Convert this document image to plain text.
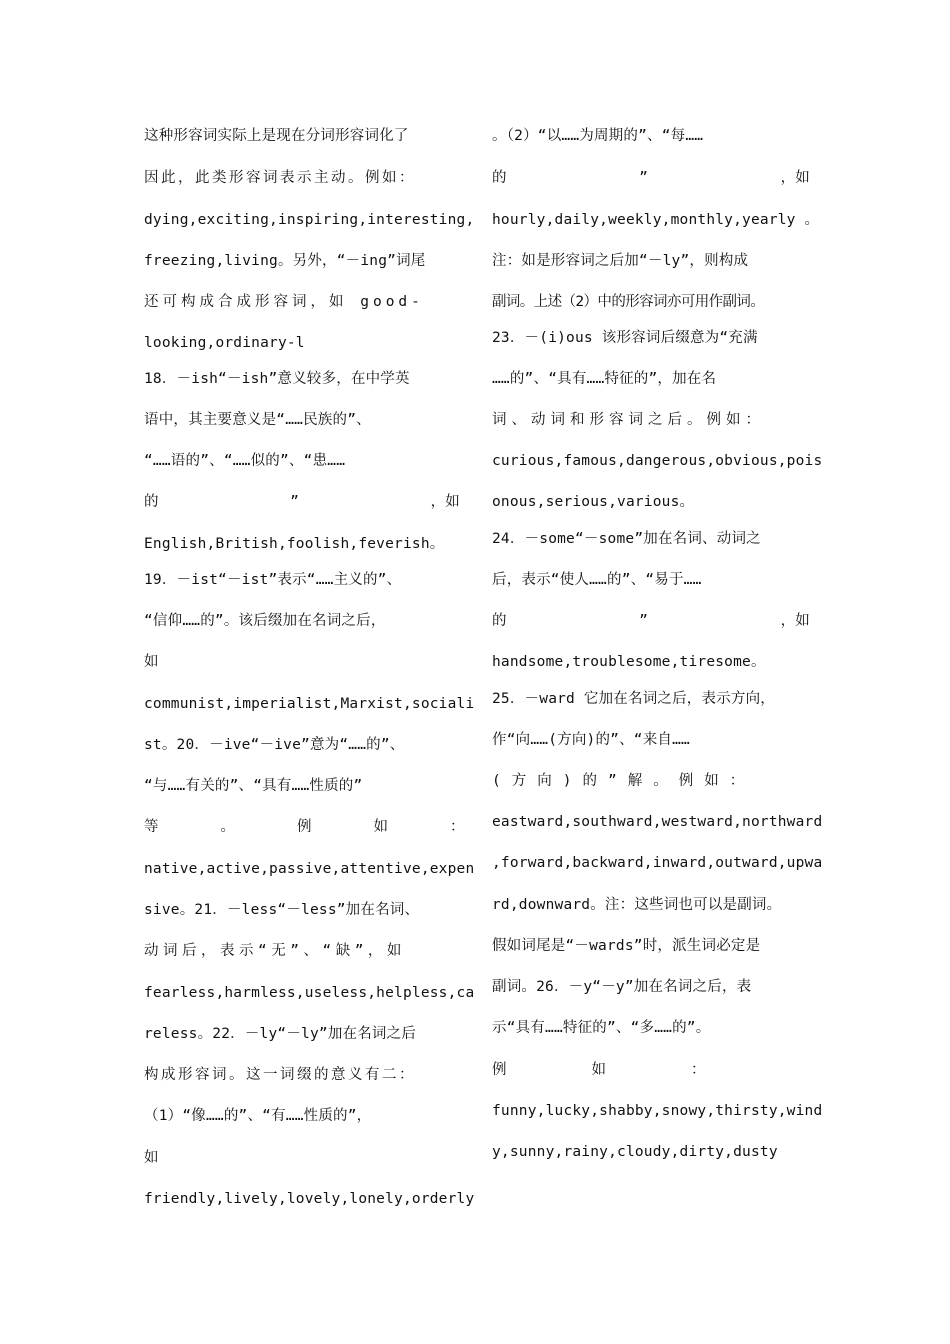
这种形容词实际上是现在分词形容词化了
因此，此类形容词表示主动。例如：
dying,exciting,inspiring,interesting,
freezing,living。另外，“－ing”词尾
还可构成合成形容词，如 good-
looking,ordinary-l
18．－ish“－ish”意义较多，在中学英
语中，其主要意义是“……民族的”、
“……语的”、“……似的”、“患……
的	”	，如
English,British,foolish,feverish。
19．－ist“－ist”表示“……主义的”、
“信仰……的”。该后缀加在名词之后，
如
communist,imperialist,Marxist,sociali
st。20．－ive“－ive”意为“……的”、
“与……有关的”、“具有……性质的”
等。例如：
native,active,passive,attentive,expen
sive。21．－less“－less”加在名词、
动词后，表示“无”、“缺”，如
fearless,harmless,useless,helpless,ca
reless。22．－ly“－ly”加在名词之后
构成形容词。这一词缀的意义有二：
（1）“像……的”、“有……性质的”，
如
friendly,lively,lovely,lonely,orderly
。（2）“以……为周期的”、“每……
的	”	，如
hourly,daily,weekly,monthly,yearly 。
注：如是形容词之后加“－ly”，则构成
副词。上述（2）中的形容词亦可用作副词。
23．－(i)ous 该形容词后缀意为“充满
……的”、“具有……特征的”，加在名
词、动词和形容词之后。例如：
curious,famous,dangerous,obvious,pois
onous,serious,various。
24．－some“－some”加在名词、动词之
后，表示“使人……的”、“易于……
的	”	，如
handsome,troublesome,tiresome。
25．－ward 它加在名词之后，表示方向，
作“向……(方向)的”、“来自……
(方向)的”解。例如：
eastward,southward,westward,northward
,forward,backward,inward,outward,upwa
rd,downward。注：这些词也可以是副词。
假如词尾是“－wards”时，派生词必定是
副词。26．－y“－y”加在名词之后，表
示“具有……特征的”、“多……的”。
例如：
funny,lucky,shabby,snowy,thirsty,wind
y,sunny,rainy,cloudy,dirty,dusty
